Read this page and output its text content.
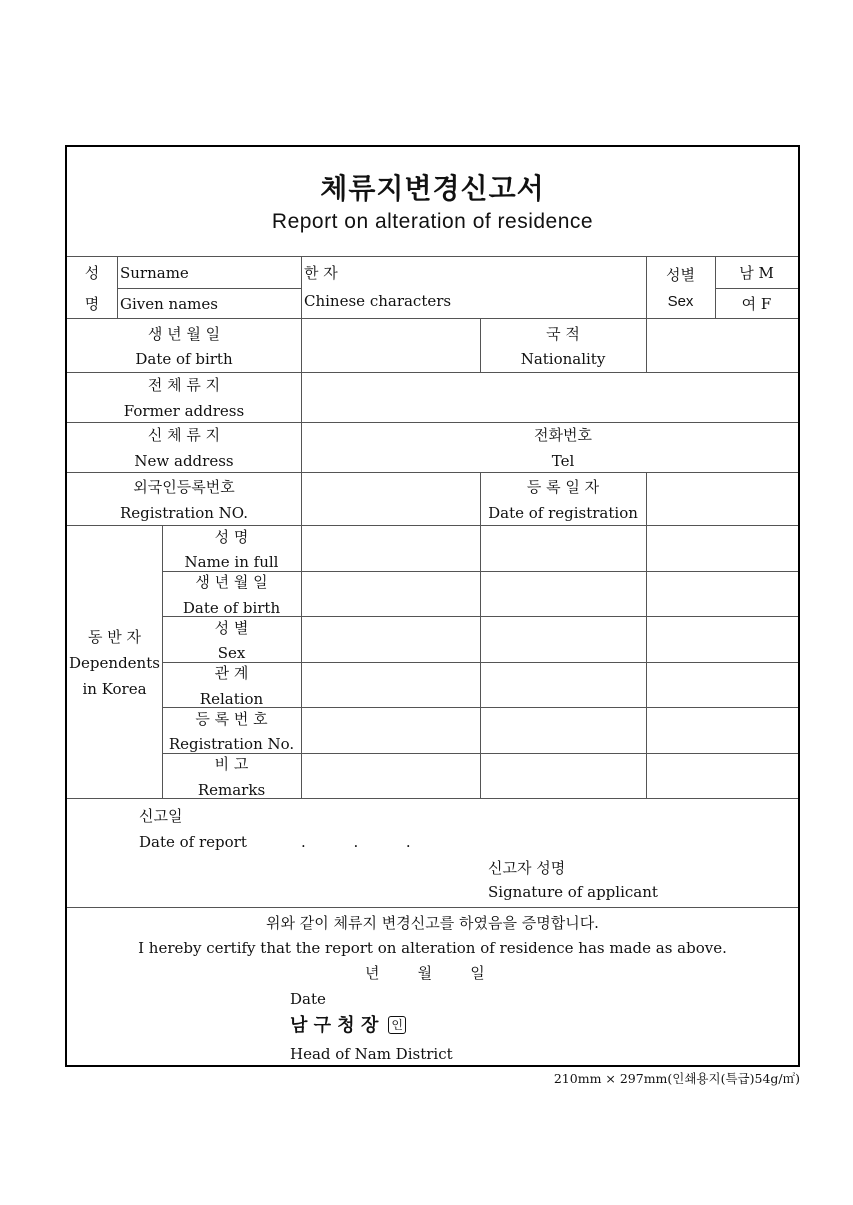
체류지변경신고서
Report on alteration of residence
성
명
Surname
Given names
한 자
Chinese characters
성별
Sex
남 M
여 F
생 년 월 일
Date of birth
국 적
Nationality
전 체 류 지
Former address
신 체 류 지
New address
전화번호
Tel
외국인등록번호
Registration NO.
등 록 일 자
Date of registration
동 반 자
Dependents
in Korea
성 명
Name in full
생 년 월 일
Date of birth
성 별
Sex
관 계
Relation
등 록 번 호
Registration No.
비 고
Remarks
신고일
Date of report	.          .          .
신고자 성명
Signature of applicant
위와 같이 체류지 변경신고를 하였음을 증명합니다.
I hereby certify that the report on alteration of residence has made as above.
년        월        일
Date
남 구 청 장 인
Head of Nam District
210mm × 297mm(인쇄용지(특급)54g/㎡)
